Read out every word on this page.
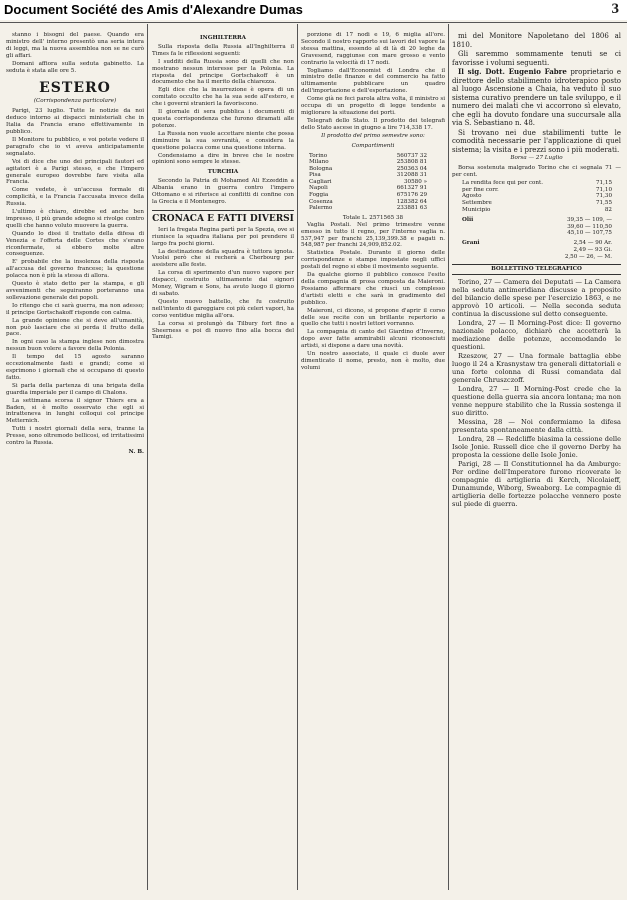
Document Société des Amis d'Alexandre Dumas	3

stanno i bisogni del paese. Quando era ministro dell' interno presentò una seria intera di leggi, ma la nuova assemblea non se ne curò gli affari.

Domani affiora sulla seduta gabinetto. La seduta è stata alle ore 5.

ESTERO
(Corrispondenza particolare)

Parigi, 23 luglio. Tutte le notizie da noi deduco intorno ai dispacci ministeriali che in Italia da Francia erano effettivamente in pubblico.

Il Monitore tu pubblico, e voi potete vedere il paragrafo che io vi aveva anticipatamente segnalato.

Voi di dice che uno dei principali fautori ed agitatori è a Parigi stesso, e che l'impero generale europeo dovrebbe fare visita alla Francia.

Come vedete, è un'accusa formale di complicità, e la Francia l'accusata invece della Russia.

L'ultimo è chiaro, direbbe ed anche ben impresso, il più grande sdegno si rivolge contro quelli che hanno voluto muovere la guerra.

Quando lo dissi il trattato della difesa di Venezia e l'offerta delle Cortes che s'erano riconfermate, si ebbero molte altre conseguenze.

E' probabile che la insolenza della risposta all'accusa del governo francese; la questione polacca non è più la stessa di allora.

Questo è stato detto per la stampa, e gli avvenimenti che seguiranno porteranno una sollevazione generale dei popoli.

Io ritengo che ci sarà guerra, ma non adesso; il principe Gortschakoff risponde con calma.

La grande opinione che si deve all'umanità, non può lasciare che si perda il frutto della pace.

In ogni caso la stampa inglese non dimostra nessun buon volere a favore della Polonia.

Il tempo del 15 agosto saranno eccezionalmente fasti e grandi; come si esprimono i giornali che si occupano di questo fatto.

Si parla della partenza di una brigata della guardia imperiale per il campo di Chalons.

La settimana scorsa il signor Thiers era a Baden, si è molto osservato che egli si intratteneva in lunghi colloqui col principe Metternich.

Tutti i nostri giornali della sera, tranne la Presse, sono oltremodo bellicosi, ed irritatissimi contro la Russia.

N. B.
INGHILTERRA

Sulla risposta della Russia all'Inghilterra il Times fa le riflessioni seguenti:

I sudditi della Russia sono di quelli che non mostrano nessun interesse per la Polonia. La risposta del principe Gortschakoff è un documento che ha il merito della chiarezza.

Egli dice che la insurrezione è opera di un comitato occulto che ha la sua sede all'estero, e che i governi stranieri la favoriscono.

Il giornale di sera pubblica i documenti di questa corrispondenza che furono diramati alle potenze.

La Russia non vuole accettare niente che possa diminuire la sua sovranità, e considera la questione polacca come una questione interna.

Condensiamo a dire in breve che le nostre opinioni sono sempre le stesse.

TURCHIA

Secondo la Patria di Mohamed Ali Ezzeddin a Albania erano in guerra contro l'impero Ottomano e si riferisce ai conflitti di confine con la Grecia e il Montenegro.

CRONACA E FATTI DIVERSI

Ieri la fregata Regina partì per la Spezia, ove si riunisce la squadra italiana per poi prendere il largo fra pochi giorni.

La destinazione della squadra è tuttora ignota. Vuolsi però che si recherà a Cherbourg per assistere alle feste.

La corsa di sperimento d'un nuovo vapore per dispacci, costruito ultimamente dai signori Money, Wigram e Sons, ha avuto luogo il giorno di sabato.

Questo nuovo battello, che fu costruito nell'intento di gareggiare coi più celeri vapori, ha corso ventidue miglia all'ora.

La corsa si prolungò da Tilbury fort fino a Sheerness e poi di nuovo fino alla bocca del Tamigi.

porzione di 17 nodi e 19, 6 miglia all'ore. Secondo il nostro rapporto sui lavori del vapore la stessa mattina, essendo al di là di 20 leghe da Gravesend, raggiunse con mare grosso e vento contrario la velocità di 17 nodi.

Togliamo dall'Economist di Londra che il ministro delle finanze e del commercio ha fatto ultimamente pubblicare un quadro dell'importazione e dell'esportazione.

Come già ne feci parola altra volta, il ministro si occupa di un progetto di legge tendente a migliorare la situazione dei porti.

Telegrafi dello Stato. Il prodotto dei telegrafi dello Stato ascese in giugno a lire 714,338 17.

Il prodotto del primo semestre sono:
Compartimenti
Torino	560737 32
Milano	253808 81
Bologna	250363 04
Pisa	312088 31
Cagliari	30580 »
Napoli	661327 91
Foggia	675176 29
Cosenza	128382 64
Palermo	233881 63
Totale L. 2571565 38

Vaglia Postali. Nel primo trimestre venne emesso in tutto il regno, per l'interno vaglia n. 537,947 per franchi 25,139,399.38 e pagati n. 548,987 per franchi 24,909,852.02.

Statistica Postale. Durante il giorno delle corrispondenze e stampe impostate negli uffici postali del regno si ebbe il movimento seguente.

Da qualche giorno il pubblico conosce l'esito della compagnia di prosa composta da Maieroni. Possiamo affermare che riuscì un complesso d'artisti eletti e che sarà in gradimento del pubblico.

Maieroni, ci dicono, si propone d'aprir il corso delle sue recite con un brillante repertorio a quello che tutti i nostri lettori vorranno.

La compagnia di canto del Giardino d'Inverno, dopo aver fatte ammirabili alcuni riconosciuti artisti, si dispone a dare una novità.

Un nostro associato, il quale ci duole aver dimenticato il nome, presto, non è molto, due volumi

mi del Monitore Napoletano del 1806 al 1810.

Gli saremmo sommamente tenuti se ci favorisse i volumi seguenti.

Il sig. Dott. Eugenio Fabre proprietario e direttore dello stabilimento idroterapico posto al luogo Ascensione a Chaia, ha veduto il suo sistema curativo prendere un tale sviluppo, e il numero dei malati che vi accorrono sì elevato, che egli ha dovuto fondare una succursale alla via S. Sebastiano n. 48.

Si trovano nei due stabilimenti tutte le comodità necessarie per l'applicazione di quel sistema; la visita e i prezzi sono i più moderati.

Borsa — 27 Luglio

Borsa sostenuta malgrado Torino che ci segnala 71 — per cent.

La rendita fece qui per cont.	71,15
per fine corr.	71,10
Agosto	71,30
Settembre	71,55
Municipio	82
Olii	39,35 — 109, —
	39,60 — 110,50
	45,10 — 107,75
Grani	2,54 — 90 Ar.
	2,49 — 93 Gi.
	2,50 — 26, — M.
BOLLETTINO TELEGRAFICO

Torino, 27 — Camera dei Deputati — La Camera nella seduta antimeridiana discusse a proposito del bilancio delle spese per l'esercizio 1863, e ne approvò 10 articoli. — Nella seconda seduta continua la discussione sul detto conseguente.

Londra, 27 — Il Morning-Post dice: Il governo nazionale polacco, dichiarò che accetterà la mediazione delle potenze, accomodando le questioni.

Rzeszow, 27 — Una formale battaglia ebbe luogo il 24 a Krasnystaw tra generali dittatoriali e una forte colonna di Russi comandata dal generale Chruszczoff.

Londra, 27 — Il Morning-Post crede che la questione della guerra sia ancora lontana; ma non venne neppure stabilito che la Russia sostenga il suo diritto.

Messina, 28 — Noi confermiamo la difesa presentata spontaneamente dalla città.

Londra, 28 — Redcliffe biasima la cessione delle Isole Jonie. Russell dice che il governo Derby ha proposta la cessione delle Isole Jonie.

Parigi, 28 — Il Constitutionnel ha da Amburgo: Per ordine dell'Imperatore furono ricoverate le compagnie di artiglieria di Kerch, Nicolaieff, Dunamunde, Wiborg, Sweaborg. Le compagnie di artiglieria delle fortezze polacche vennero poste sul piede di guerra.
